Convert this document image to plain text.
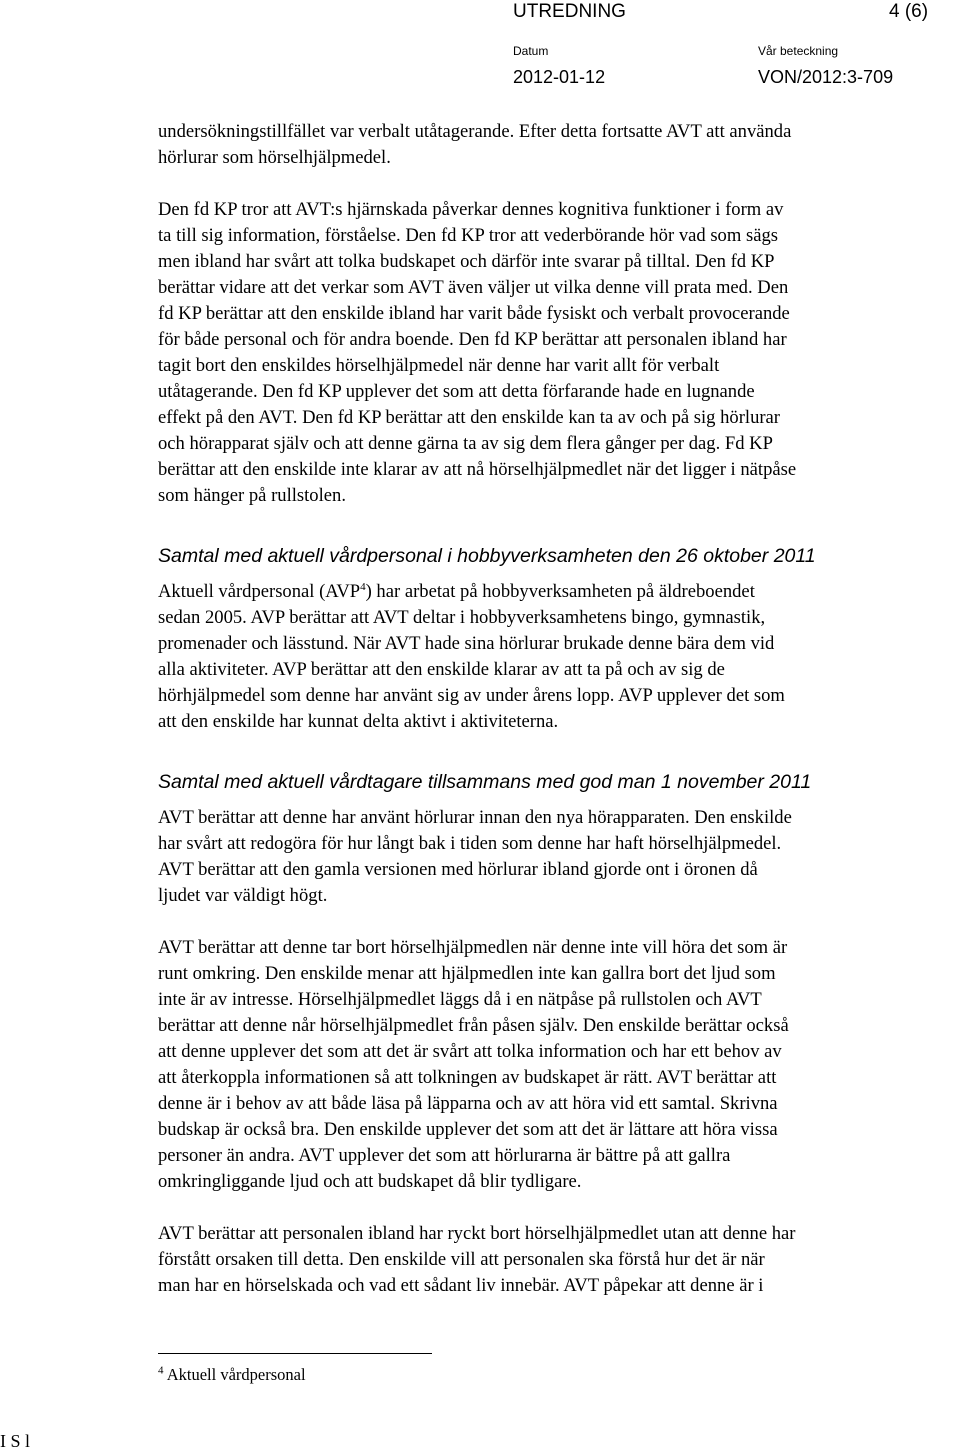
UTREDNING	4 (6)
Datum	Vår beteckning
2012-01-12	VON/2012:3-709

undersökningstillfället var verbalt utåtagerande. Efter detta fortsatte AVT att använda
hörlurar som hörselhjälpmedel.

Den fd KP tror att AVT:s hjärnskada påverkar dennes kognitiva funktioner i form av
ta till sig information, förståelse. Den fd KP tror att vederbörande hör vad som sägs
men ibland har svårt att tolka budskapet och därför inte svarar på tilltal. Den fd KP
berättar vidare att det verkar som AVT även väljer ut vilka denne vill prata med. Den
fd KP berättar att den enskilde ibland har varit både fysiskt och verbalt provocerande
för både personal och för andra boende. Den fd KP berättar att personalen ibland har
tagit bort den enskildes hörselhjälpmedel när denne har varit allt för verbalt
utåtagerande. Den fd KP upplever det som att detta förfarande hade en lugnande
effekt på den AVT. Den fd KP berättar att den enskilde kan ta av och på sig hörlurar
och hörapparat själv och att denne gärna ta av sig dem flera gånger per dag. Fd KP
berättar att den enskilde inte klarar av att nå hörselhjälpmedlet när det ligger i nätpåse
som hänger på rullstolen.

Samtal med aktuell vårdpersonal i hobbyverksamheten den 26 oktober 2011

Aktuell vårdpersonal (AVP$^4$) har arbetat på hobbyverksamheten på äldreboendet
sedan 2005. AVP berättar att AVT deltar i hobbyverksamhetens bingo, gymnastik,
promenader och lässtund. När AVT hade sina hörlurar brukade denne bära dem vid
alla aktiviteter. AVP berättar att den enskilde klarar av att ta på och av sig de
hörhjälpmedel som denne har använt sig av under årens lopp. AVP upplever det som
att den enskilde har kunnat delta aktivt i aktiviteterna.

Samtal med aktuell vårdtagare tillsammans med god man 1 november 2011

AVT berättar att denne har använt hörlurar innan den nya hörapparaten. Den enskilde
har svårt att redogöra för hur långt bak i tiden som denne har haft hörselhjälpmedel.
AVT berättar att den gamla versionen med hörlurar ibland gjorde ont i öronen då
ljudet var väldigt högt.

AVT berättar att denne tar bort hörselhjälpmedlen när denne inte vill höra det som är
runt omkring. Den enskilde menar att hjälpmedlen inte kan gallra bort det ljud som
inte är av intresse. Hörselhjälpmedlet läggs då i en nätpåse på rullstolen och AVT
berättar att denne når hörselhjälpmedlet från påsen själv. Den enskilde berättar också
att denne upplever det som att det är svårt att tolka information och har ett behov av
att återkoppla informationen så att tolkningen av budskapet är rätt. AVT berättar att
denne är i behov av att både läsa på läpparna och av att höra vid ett samtal. Skrivna
budskap är också bra. Den enskilde upplever det som att det är lättare att höra vissa
personer än andra. AVT upplever det som att hörlurarna är bättre på att gallra
omkringliggande ljud och att budskapet då blir tydligare.

AVT berättar att personalen ibland har ryckt bort hörselhjälpmedlet utan att denne har
förstått orsaken till detta. Den enskilde vill att personalen ska förstå hur det är när
man har en hörselskada och vad ett sådant liv innebär. AVT påpekar att denne är i

$^4$ Aktuell vårdpersonal
I S l
